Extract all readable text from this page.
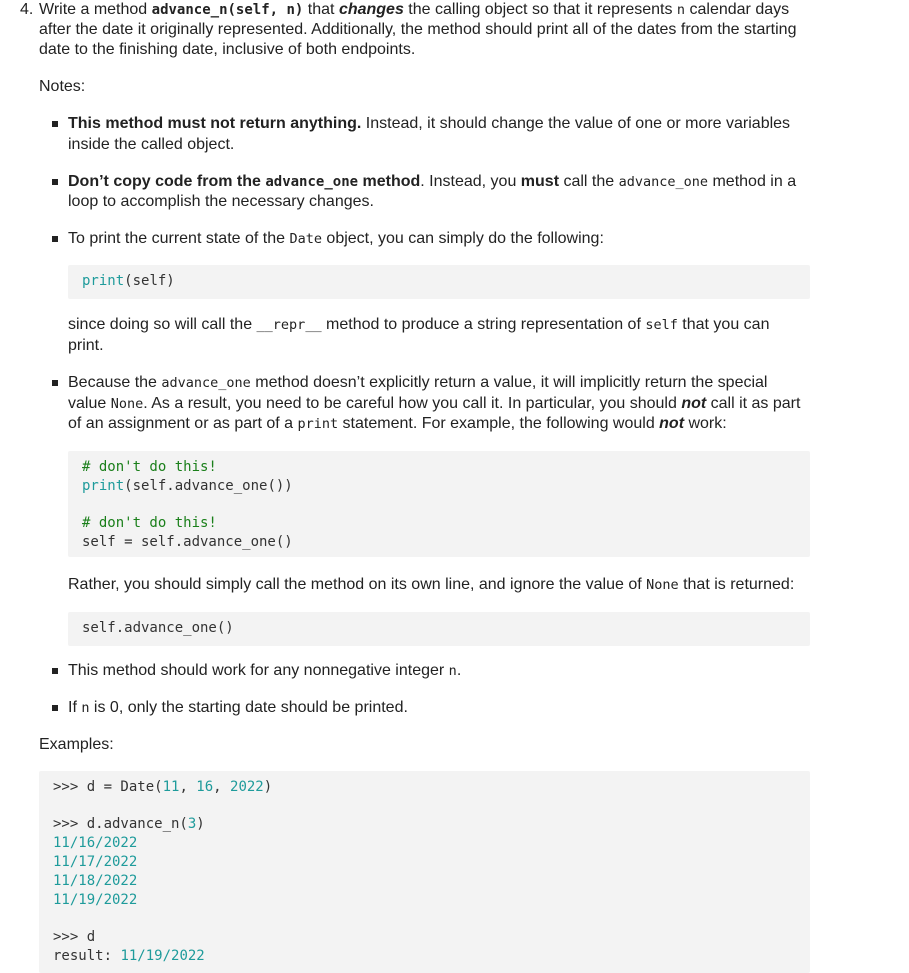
4. Write a method advance_n(self, n) that changes the calling object so that it represents n calendar days
after the date it originally represented. Additionally, the method should print all of the dates from the starting
date to the finishing date, inclusive of both endpoints.
Notes:
This method must not return anything. Instead, it should change the value of one or more variables
inside the called object.
Don’t copy code from the advance_one method. Instead, you must call the advance_one method in a
loop to accomplish the necessary changes.
To print the current state of the Date object, you can simply do the following:
print(self)
since doing so will call the __repr__ method to produce a string representation of self that you can
print.
Because the advance_one method doesn’t explicitly return a value, it will implicitly return the special
value None. As a result, you need to be careful how you call it. In particular, you should not call it as part
of an assignment or as part of a print statement. For example, the following would not work:
# don't do this!
print(self.advance_one())
# don't do this!
self = self.advance_one()
Rather, you should simply call the method on its own line, and ignore the value of None that is returned:
self.advance_one()
This method should work for any nonnegative integer n.
If n is 0, only the starting date should be printed.
Examples:
>>> d = Date(11, 16, 2022)
>>> d.advance_n(3)
11/16/2022
11/17/2022
11/18/2022
11/19/2022
>>> d
result: 11/19/2022
